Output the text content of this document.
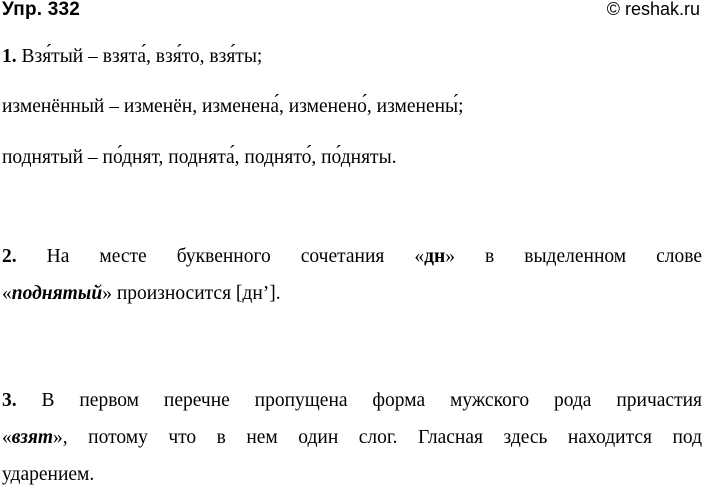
Упр. 332	© reshak.ru
1. Взя́тый – взята́, взя́то, взя́ты;
изменённый – изменён, изменена́, изменено́, изменены́;
поднятый – по́днят, поднята́, поднято́, по́дняты.
2. На месте буквенного сочетания «дн» в выделенном слове
«поднятый» произносится [дн’].
3. В первом перечне пропущена форма мужского рода причастия
«взят», потому что в нем один слог. Гласная здесь находится под
ударением.
